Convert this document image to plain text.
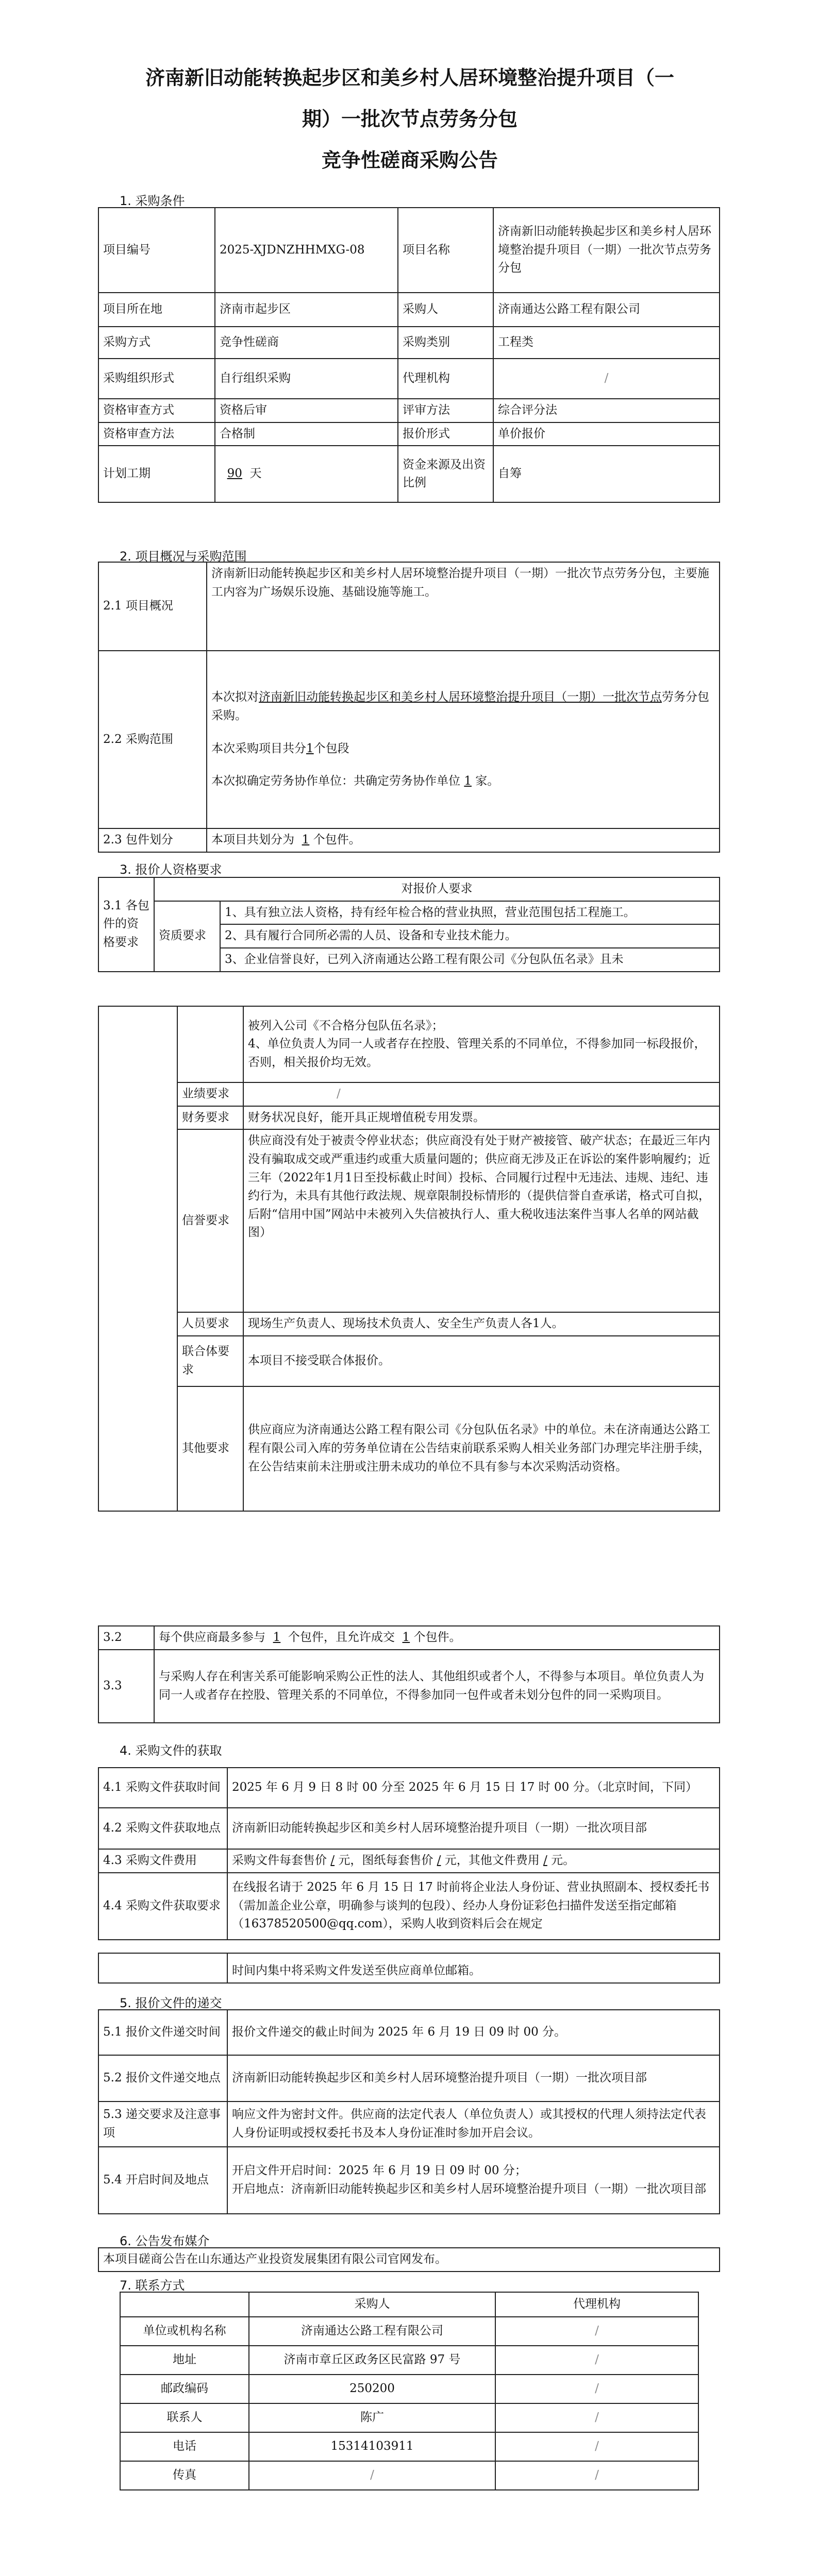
济南新旧动能转换起步区和美乡村人居环境整治提升项目（一
期）一批次节点劳务分包
竞争性磋商采购公告
1. 采购条件
项目编号	2025-XJDNZHHMXG-08	项目名称	济南新旧动能转换起步区和美乡村人居环境整治提升项目（一期）一批次节点劳务分包
项目所在地	济南市起步区	采购人	济南通达公路工程有限公司
采购方式	竞争性磋商	采购类别	工程类
采购组织形式	自行组织采购	代理机构	/
资格审查方式	资格后审	评审方法	综合评分法
资格审查方法	合格制	报价形式	单价报价
计划工期	90 天	资金来源及出资比例	自筹
2. 项目概况与采购范围
2.1 项目概况	济南新旧动能转换起步区和美乡村人居环境整治提升项目（一期）一批次节点劳务分包，主要施工内容为广场娱乐设施、基础设施等施工。
2.2 采购范围	本次拟对济南新旧动能转换起步区和美乡村人居环境整治提升项目（一期）一批次节点劳务分包采购。
本次采购项目共分1个包段
本次拟确定劳务协作单位：共确定劳务协作单位 1 家。

2.3 包件划分	本项目共划分为 1 个包件。
3. 报价人资格要求
3.1 各包件的资格要求	对报价人要求	
	资质要求	1、具有独立法人资格，持有经年检合格的营业执照，营业范围包括工程施工。
		2、具有履行合同所必需的人员、设备和专业技术能力。
		3、企业信誉良好，已列入济南通达公路工程有限公司《分包队伍名录》且未

		被列入公司《不合格分包队伍名录》；
4、单位负责人为同一人或者存在控股、管理关系的不同单位，不得参加同一标段报价，否则，相关报价均无效。

	业绩要求	/
	财务要求	财务状况良好，能开具正规增值税专用发票。
	信誉要求	供应商没有处于被责令停业状态；供应商没有处于财产被接管、破产状态；在最近三年内没有骗取成交或严重违约或重大质量问题的；供应商无涉及正在诉讼的案件影响履约；近三年（2022年1月1日至投标截止时间）投标、合同履行过程中无违法、违规、违纪、违约行为，未具有其他行政法规、规章限制投标情形的（提供信誉自查承诺，格式可自拟，后附“信用中国”网站中未被列入失信被执行人、重大税收违法案件当事人名单的网站截图）
	人员要求	现场生产负责人、现场技术负责人、安全生产负责人各1人。
	联合体要求	本项目不接受联合体报价。
	其他要求	供应商应为济南通达公路工程有限公司《分包队伍名录》中的单位。未在济南通达公路工程有限公司入库的劳务单位请在公告结束前联系采购人相关业务部门办理完毕注册手续，在公告结束前未注册或注册未成功的单位不具有参与本次采购活动资格。
3.2	每个供应商最多参与 1 个包件，且允许成交 1 个包件。
3.3	与采购人存在利害关系可能影响采购公正性的法人、其他组织或者个人，不得参与本项目。单位负责人为同一人或者存在控股、管理关系的不同单位，不得参加同一包件或者未划分包件的同一采购项目。
4. 采购文件的获取
4.1 采购文件获取时间	2025 年 6 月 9 日 8 时 00 分至 2025 年 6 月 15 日 17 时 00 分。（北京时间，下同）
4.2 采购文件获取地点	济南新旧动能转换起步区和美乡村人居环境整治提升项目（一期）一批次项目部
4.3 采购文件费用	采购文件每套售价 / 元，图纸每套售价 / 元，其他文件费用 / 元。
4.4 采购文件获取要求	在线报名请于 2025 年 6 月 15 日 17 时前将企业法人身份证、营业执照副本、授权委托书（需加盖企业公章，明确参与谈判的包段）、经办人身份证彩色扫描件发送至指定邮箱（16378520500@qq.com），采购人收到资料后会在规定
	时间内集中将采购文件发送至供应商单位邮箱。
5. 报价文件的递交
5.1 报价文件递交时间	报价文件递交的截止时间为 2025 年 6 月 19 日 09 时 00 分。
5.2 报价文件递交地点	济南新旧动能转换起步区和美乡村人居环境整治提升项目（一期）一批次项目部
5.3 递交要求及注意事项	响应文件为密封文件。供应商的法定代表人（单位负责人）或其授权的代理人须持法定代表人身份证明或授权委托书及本人身份证准时参加开启会议。
5.4 开启时间及地点	开启文件开启时间：2025 年 6 月 19 日 09 时 00 分；
开启地点：济南新旧动能转换起步区和美乡村人居环境整治提升项目（一期）一批次项目部
6. 公告发布媒介
本项目磋商公告在山东通达产业投资发展集团有限公司官网发布。
7. 联系方式
	采购人	代理机构
单位或机构名称	济南通达公路工程有限公司	/
地址	济南市章丘区政务区民富路 97 号	/
邮政编码	250200	/
联系人	陈广	/
电话	15314103911	/
传真	/	/
